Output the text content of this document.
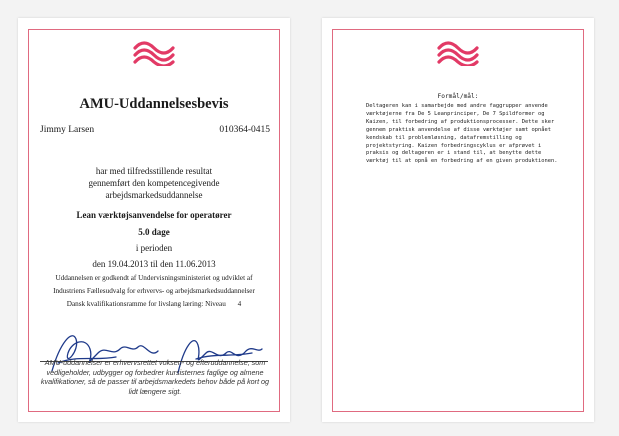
AMU-Uddannelsesbevis
Jimmy Larsen	010364-0415
har med tilfredsstillende resultat
gennemført den kompetencegivende
arbejdsmarkedsuddannelse
Lean værktøjsanvendelse for operatører
5.0 dage
i perioden
den 19.04.2013 til den 11.06.2013
Uddannelsen er godkendt af Undervisningsministeriet og udviklet af
Industriens Fællesudvalg for erhvervs- og arbejdsmarkedsuddannelser
Dansk kvalifikationsramme for livslang læring: Niveau 4
AMU-uddannelser er erhvervsrettet voksen- og efteruddannelse, som vedligeholder, udbygger og forbedrer kursisternes faglige og almene kvalifikationer, så de passer til arbejdsmarkedets behov både på kort og lidt længere sigt.
Formål/mål:
Deltageren kan i samarbejde med andre faggrupper anvende værktøjerne fra De 5 Leanprinciper, De 7 Spildformer og Kaizen, til forbedring af produktionsprocesser. Dette sker gennem praktisk anvendelse af disse værktøjer samt opnået kendskab til problemløsning, datafremstilling og projektstyring. Kaizen forbedringscyklus er afprøvet i praksis og deltageren er i stand til, at benytte dette værktøj til at opnå en forbedring af en given produktionen.
